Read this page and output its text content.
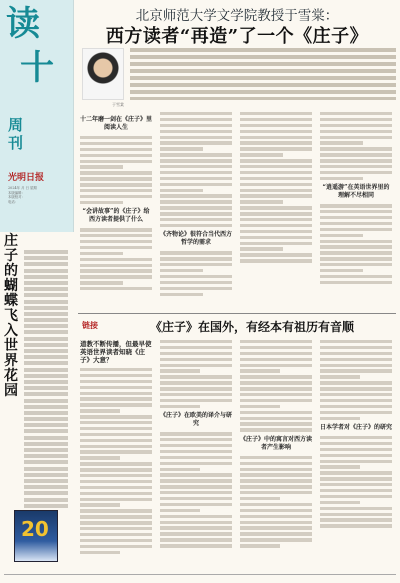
读
十
周刊
光明日报
2024年 月 日 星期
本版编辑：
本版校对：
电话：
庄子的蝴蝶飞入世界花园
20
北京师范大学文学院教授于雪棠：
西方读者“再造”了一个《庄子》
于雪棠
十二年磨一剑在《庄子》里阅读人生
“会讲故事”的《庄子》给西方读者提供了什么
《齐物论》很符合当代西方哲学的需求
“逍遥游”在英语世界里的理解不尽相同
链接	《庄子》在国外，有经本有祖历有音顺
道教不断传播，但最早使英语世界读者知晓《庄子》大意？
《庄子》在欧美的译介与研究
《庄子》中的寓言对西方读者产生影响
日本学者对《庄子》的研究
